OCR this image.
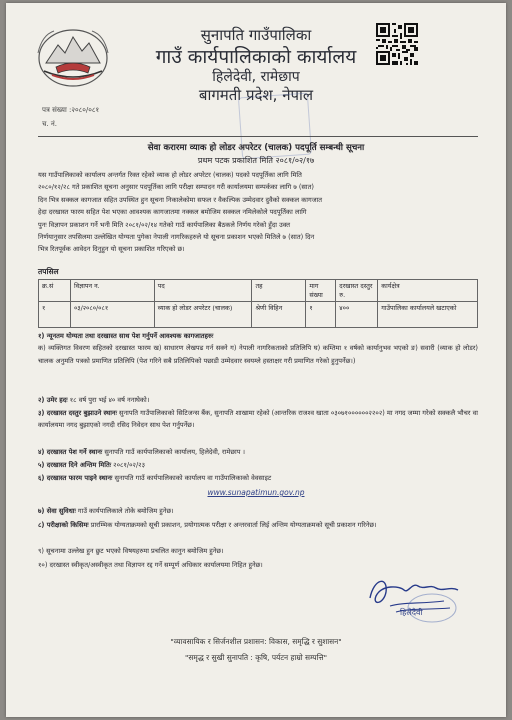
सुनापति गाउँपालिका
गाउँ कार्यपालिकाको कार्यालय
हिलेदेवी, रामेछाप
बागमती प्रदेश, नेपाल
पत्र संख्या :२०८०/०८१
च. नं.
सेवा करारमा व्याक हो लोडर अपरेटर (चालक) पदपूर्ति सम्बन्धी सूचना
प्रथम पटक प्रकाशित मिति २०८१/०२/१७
यस गाउँपालिकाको कार्यालय अन्तर्गत रिक्त रहेको व्याक हो लोडर अपरेटर (चालक) पदको पदपूर्तिका लागि मिति
२०८०/१२/२८ गते प्रकाशित सूचना अनुसार पदपूर्तिका लागि परीक्षा सम्पादन गरी कार्यालयमा सम्पर्कका लागि ७ (सात)
दिन भित्र सक्कल कागजात सहित उपस्थित हुन सूचना निकालेकोमा सफल र वैकल्पिक उम्मेदवार दुवैको सक्कल कागजात
हेदा दरखास्त फारम सहित पेश भएका आवश्यक कागजातमा नक्कल बमोजिम सक्कल नमिलेकोले पदपूर्तिका लागि
पुनः विज्ञापन प्रकाशन गर्ने भनी मिति २०८१/०२/१४ गतेको गाउँ कार्यपालिका बैठकले निर्णय गरेको हुँदा उक्त
निर्णयानुसार तपसिलमा उल्लेखित योग्यता पुगेका नेपाली नागरिकहरुले यो सूचना प्रकाशन भएको मितिले ७ (सात) दिन
भित्र रितपूर्वक आवेदन दिनुहुन यो सूचना प्रकाशित गरिएको छ।
तपसिल
क्र.सं	विज्ञापन न.	पद	तह	माग संख्या	दरखास्त दस्तुर रु.	कार्यक्षेत्र
१	०३/२०८०/०८१	व्याक हो लोडर अपरेटर (चालक)	श्रेणी विहिन	१	४००	गाउँपालिका कार्यालयले खटाएको
१) न्यूनतम योग्यता तथा दरखास्त साथ पेश गर्नुपर्ने आवश्यक कागजातहरुः
क) व्यक्तिगत विवरण सहितको दरखास्त फारम ख) साधारण लेखपढ गर्न सक्ने ग) नेपाली नागरिकताको प्रतिलिपि घ) कम्तिमा १ वर्षको कार्यानुभव भएको ङ) सवारी (व्याक हो लोडर) चालक अनुमति पत्रको प्रमाणित प्रतिलिपि (पेश गरिने सबै प्रतिलिपिको पछाडी उम्मेदवार स्वयम्ले हस्ताक्षर गरी प्रमाणित गरेको हुनुपर्नेछ।)
२) उमेर हदः १८ वर्ष पुरा भई ४० वर्ष ननाघेको।
३) दरखास्त दस्तुर बुझाउने स्थानः सुनापति गाउँपालिकाको सिटिजन्स बैंक, सुनापति शाखामा रहेको (आन्तरिक राजश्व खाता ०३०७१००००००२२०२) मा नगद जम्मा गरेको सक्कलै भौचर वा कार्यालयमा नगद बुझाएको नगदी रसिद निवेदन साथ पेश गर्नुपर्नेछ।
४) दरखास्त पेश गर्ने स्थानः सुनापति गाउँ कार्यपालिकाको कार्यालय, हिलेदेवी, रामेछाप ।
५) दरखास्त दिने अन्तिम मितिः २०८१/०२/२३
६) दरखास्त फारम पाइने स्थानः सुनापति गाउँ कार्यपालिकाको कार्यालय वा गाउँपालिकाको वेवसाइट
www.sunapatimun.gov.np
७) सेवा सुविधाः गाउँ कार्यपालिकाले तोके बमोजिम हुनेछ।
८) परीक्षाको किसिमः प्रारम्भिक योग्यताक्रमको सूची प्रकाशन, प्रयोगात्मक परीक्षा र अन्तरवार्ता लिई अन्तिम योग्यताक्रमको सूची प्रकाशन गरिनेछ।
९) सूचनामा उल्लेख हुन छुट भएको विषयहरुमा प्रचलित कानुन बमोजिम हुनेछ।
१०) दरखास्त स्वीकृत/अस्वीकृत तथा विज्ञापन रद्द गर्ने सम्पूर्ण अधिकार कार्यालयमा निहित हुनेछ।
हिलेदेवी
"व्यावसायिक र सिर्जनशील प्रशासन: विकास, समृद्धि र सुशासन"
"समृद्ध र सुखी सुनापति : कृषि, पर्यटन हाम्रो सम्पत्ति"
